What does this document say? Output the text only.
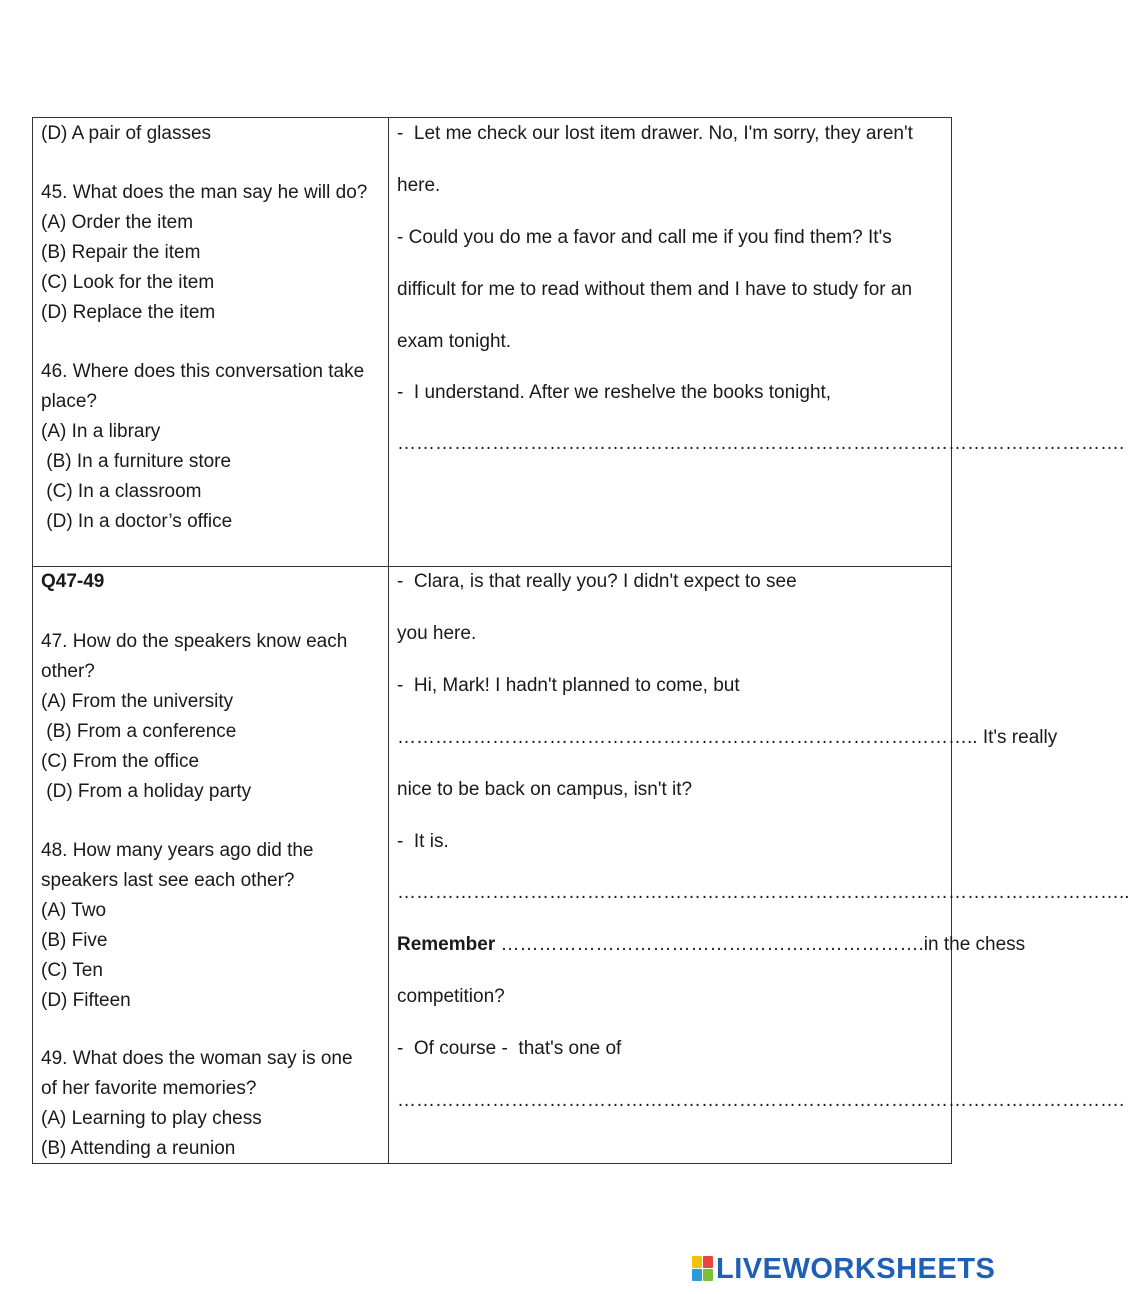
(D) A pair of glasses
45. What does the man say he will do?
(A) Order the item
(B) Repair the item
(C) Look for the item
(D) Replace the item
46. Where does this conversation take
place?
(A) In a library
(B) In a furniture store
(C) In a classroom
(D) In a doctor’s office
-  Let me check our lost item drawer. No, I'm sorry, they aren't
here.
- Could you do me a favor and call me if you find them? It's
difficult for me to read without them and I have to study for an
exam tonight.
-  I understand. After we reshelve the books tonight,
…………………………………………………………………………………………………….
Q47-49
47. How do the speakers know each
other?
(A) From the university
(B) From a conference
(C) From the office
(D) From a holiday party
48. How many years ago did the
speakers last see each other?
(A) Two
(B) Five
(C) Ten
(D) Fifteen
49. What does the woman say is one
of her favorite memories?
(A) Learning to play chess
(B) Attending a reunion
-  Clara, is that really you? I didn't expect to see
you here.
-  Hi, Mark! I hadn't planned to come, but
……………………………………………………………………………….. It's really
nice to be back on campus, isn't it?
-  It is.
……………………………………………………………………………………………………..
Remember ………………………………………………………….in the chess
competition?
-  Of course -  that's one of
…………………………………………………………………………………………………….
LIVEWORKSHEETS
